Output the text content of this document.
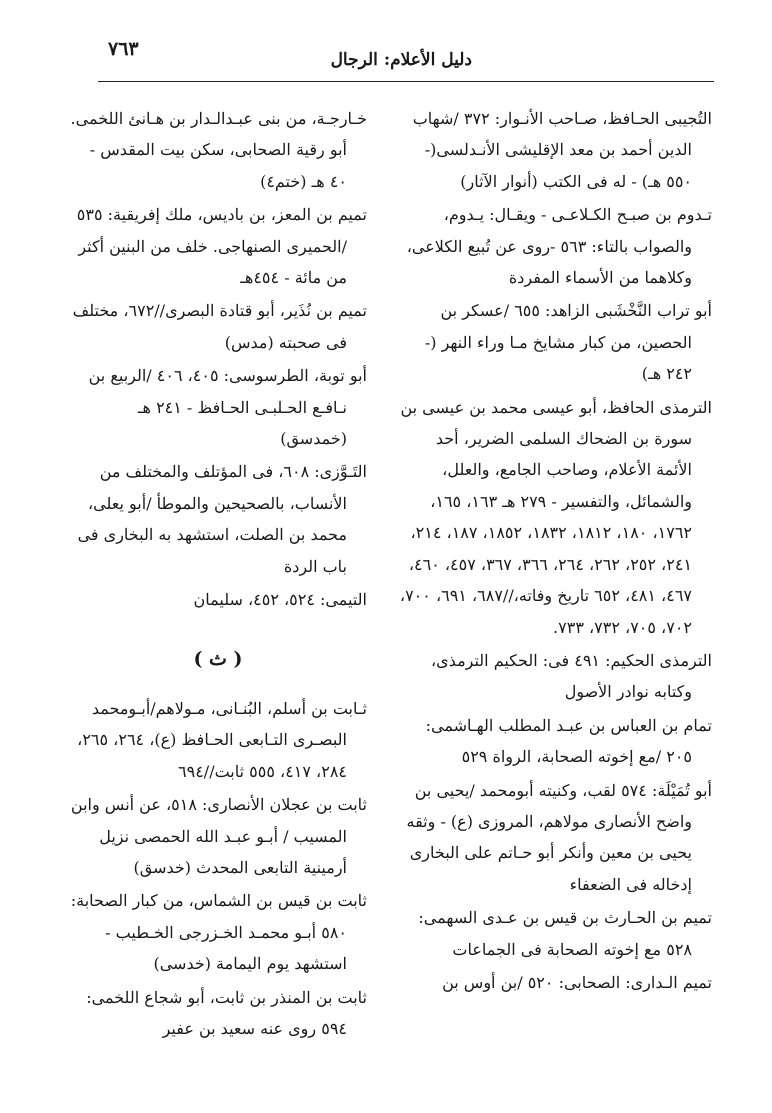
٧٦٣	دليل الأعلام: الرجال

التُجيبى الحـافظ، صـاحب الأنـوار: ٣٧٢ /شهاب الدين أحمد بن معد الإقليشى الأنـدلسى(- ٥٥٠ هـ) - له فى الكتب (أنوار الآثار)

تـدوم بن صبـح الكـلاعـى - ويقـال: يـدوم، والصواب بالتاء: ٥٦٣ -روى عن تُبيع الكلاعى، وكلاهما من الأسماء المفردة

أبو تراب النَّخْشَبى الزاهد: ٦٥٥ /عسكر بن الحصين، من كبار مشايخ مـا وراء النهر (- ٢٤٢ هـ)

الترمذى الحافظ، أبو عيسى محمد بن عيسى بن سورة بن الضحاك السلمى الضرير، أحد الأئمة الأعلام، وصاحب الجامع، والعلل، والشمائل، والتفسير - ٢٧٩ هـ ١٦٣، ١٦٥، ١٧٦٢، ١٨٠، ١٨١٢، ١٨٣٢، ١٨٥٢، ١٨٧، ٢١٤، ٢٤١، ٢٥٢، ٢٦٢، ٢٦٤، ٣٦٦، ٣٦٧، ٤٥٧، ٤٦٠، ٤٦٧، ٤٨١، ٦٥٢ تاريخ وفاته،//٦٨٧، ٦٩١، ٧٠٠، ٧٠٢، ٧٠٥، ٧٣٢، ٧٣٣.

الترمذى الحكيم: ٤٩١ فى: الحكيم الترمذى، وكتابه نوادر الأصول

تمام بن العباس بن عبـد المطلب الهـاشمى: ٢٠٥ /مع إخوته الصحابة، الرواة ٥٢٩

أبو تُمَيْلَة: ٥٧٤ لقب، وكنيته أبومحمد /يحيى بن واضح الأنصارى مولاهم، المروزى (ع) - وثقه يحيى بن معين وأنكر أبو حـاتم على البخارى إدخاله فى الضعفاء

تميم بن الحـارث بن قيس بن عـدى السهمى: ٥٢٨ مع إخوته الصحابة فى الجماعات

تميم الـدارى: الصحابى: ٥٢٠ /بن أوس بن

خـارجـة، من بنى عبـدالـدار بن هـانئ اللخمى. أبو رقية الصحابى، سكن بيت المقدس - ٤٠ هـ (ختم٤)

تميم بن المعز، بن باديس، ملك إفريقية: ٥٣٥ /الحميرى الصنهاجى. خلف من البنين أكثر من مائة - ٤٥٤هـ

تميم بن نُذَير، أبو قتادة البصرى//٦٧٢، مختلف فى صحبته (مدس)

أبو توبة، الطرسوسى: ٤٠٥، ٤٠٦ /الربيع بن نـافـع الحـلبـى الحـافظ - ٢٤١ هـ (خمدسق)

التَـوَّزى: ٦٠٨، فى المؤتلف والمختلف من الأنساب، بالصحيحين والموطأ /أبو يعلى، محمد بن الصلت، استشهد به البخارى فى باب الردة

التيمى: ٥٢٤، ٤٥٢، سليمان

( ث )

ثـابت بن أسلم، البُنـانى، مـولاهم/أبـومحمد البصـرى التـابعى الحـافظ (ع)، ٢٦٤، ٢٦٥، ٢٨٤، ٤١٧، ٥٥٥ ثابت//٦٩٤

ثابت بن عجلان الأنصارى: ٥١٨، عن أنس وابن المسيب / أبـو عبـد الله الحمصى نزيل أرمينية التابعى المحدث (خدسق)

ثابت بن قيس بن الشماس، من كبار الصحابة: ٥٨٠ أبـو محمـد الخـزرجى الخـطيب - استشهد يوم اليمامة (خدسى)

ثابت بن المنذر بن ثابت، أبو شجاع اللخمى: ٥٩٤ روى عنه سعيد بن عفير
